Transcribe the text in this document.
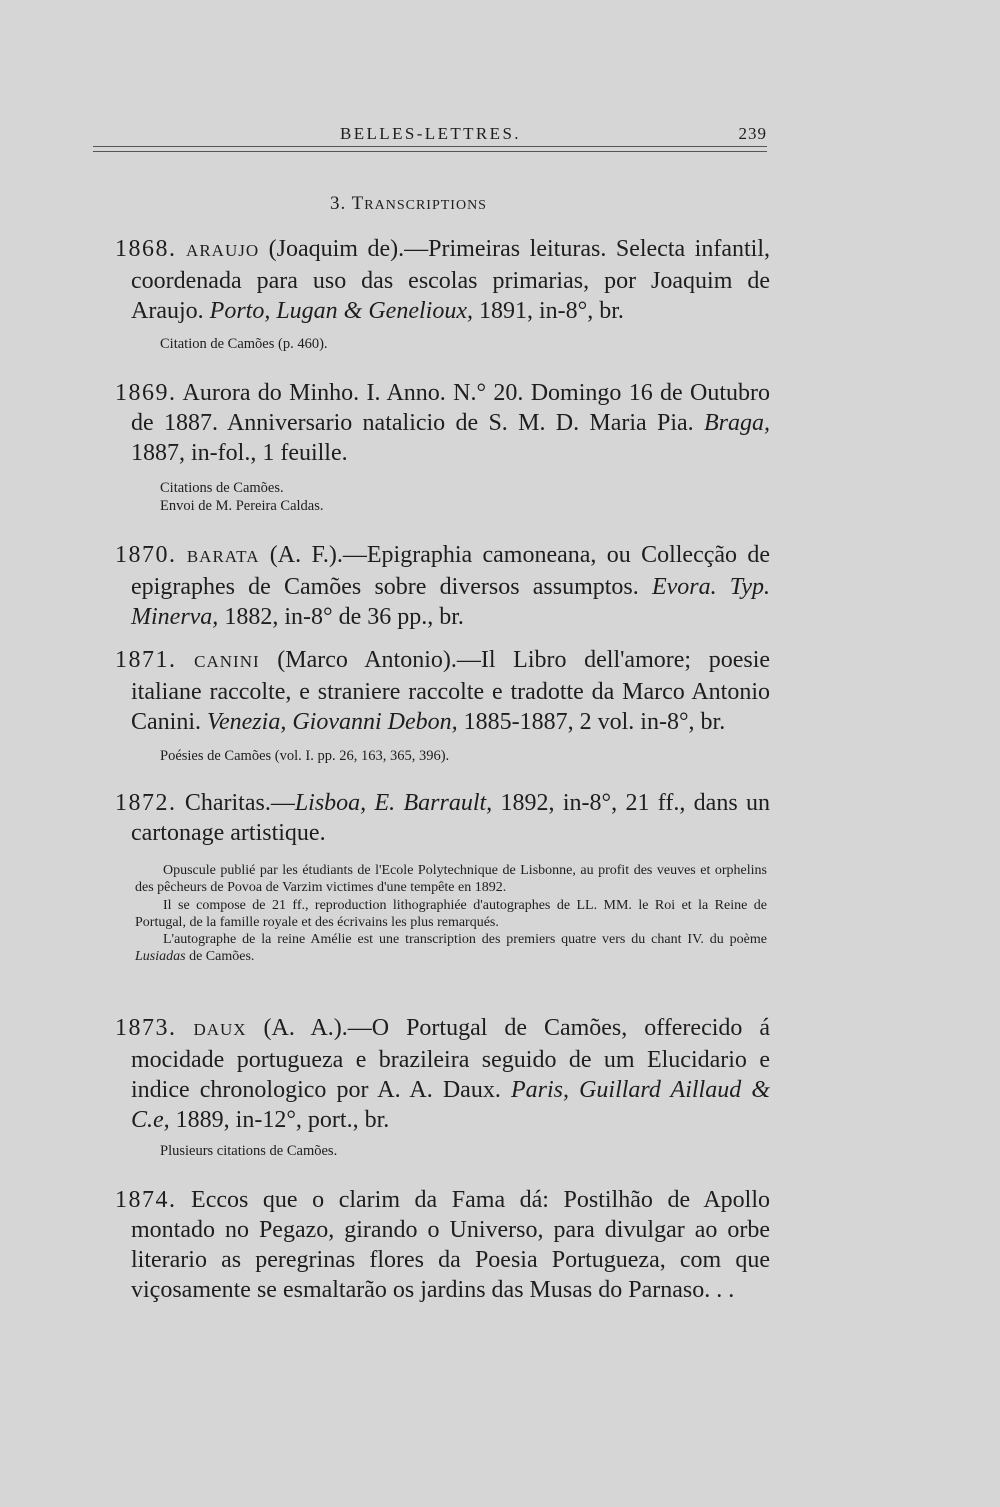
BELLES-LETTRES.	239
3. TRANSCRIPTIONS

1868. ARAUJO (Joaquim de).—Primeiras leituras. Selecta infantil, coordenada para uso das escolas primarias, por Joaquim de Araujo. Porto, Lugan & Genelioux, 1891, in-8°, br.

Citation de Camões (p. 460).

1869. Aurora do Minho. I. Anno. N.° 20. Domingo 16 de Outubro de 1887. Anniversario natalicio de S. M. D. Maria Pia. Braga, 1887, in-fol., 1 feuille.

Citations de Camões.

Envoi de M. Pereira Caldas.

1870. BARATA (A. F.).—Epigraphia camoneana, ou Collecção de epigraphes de Camões sobre diversos assumptos. Evora. Typ. Minerva, 1882, in-8° de 36 pp., br.

1871. CANINI (Marco Antonio).—Il Libro dell'amore; poesie italiane raccolte, e straniere raccolte e tradotte da Marco Antonio Canini. Venezia, Giovanni Debon, 1885-1887, 2 vol. in-8°, br.

Poésies de Camões (vol. I. pp. 26, 163, 365, 396).

1872. Charitas.—Lisboa, E. Barrault, 1892, in-8°, 21 ff., dans un cartonage artistique.

Opuscule publié par les étudiants de l'Ecole Polytechnique de Lisbonne, au profit des veuves et orphelins des pêcheurs de Povoa de Varzim victimes d'une tempête en 1892.

Il se compose de 21 ff., reproduction lithographiée d'autographes de LL. MM. le Roi et la Reine de Portugal, de la famille royale et des écrivains les plus remarqués.

L'autographe de la reine Amélie est une transcription des premiers quatre vers du chant IV. du poème Lusiadas de Camões.

1873. DAUX (A. A.).—O Portugal de Camões, offerecido á mocidade portugueza e brazileira seguido de um Elucidario e indice chronologico por A. A. Daux. Paris, Guillard Aillaud & C.e, 1889, in-12°, port., br.

Plusieurs citations de Camões.

1874. Eccos que o clarim da Fama dá: Postilhão de Apollo montado no Pegazo, girando o Universo, para divulgar ao orbe literario as peregrinas flores da Poesia Portugueza, com que viçosamente se esmaltarão os jardins das Musas do Parnaso. . .
